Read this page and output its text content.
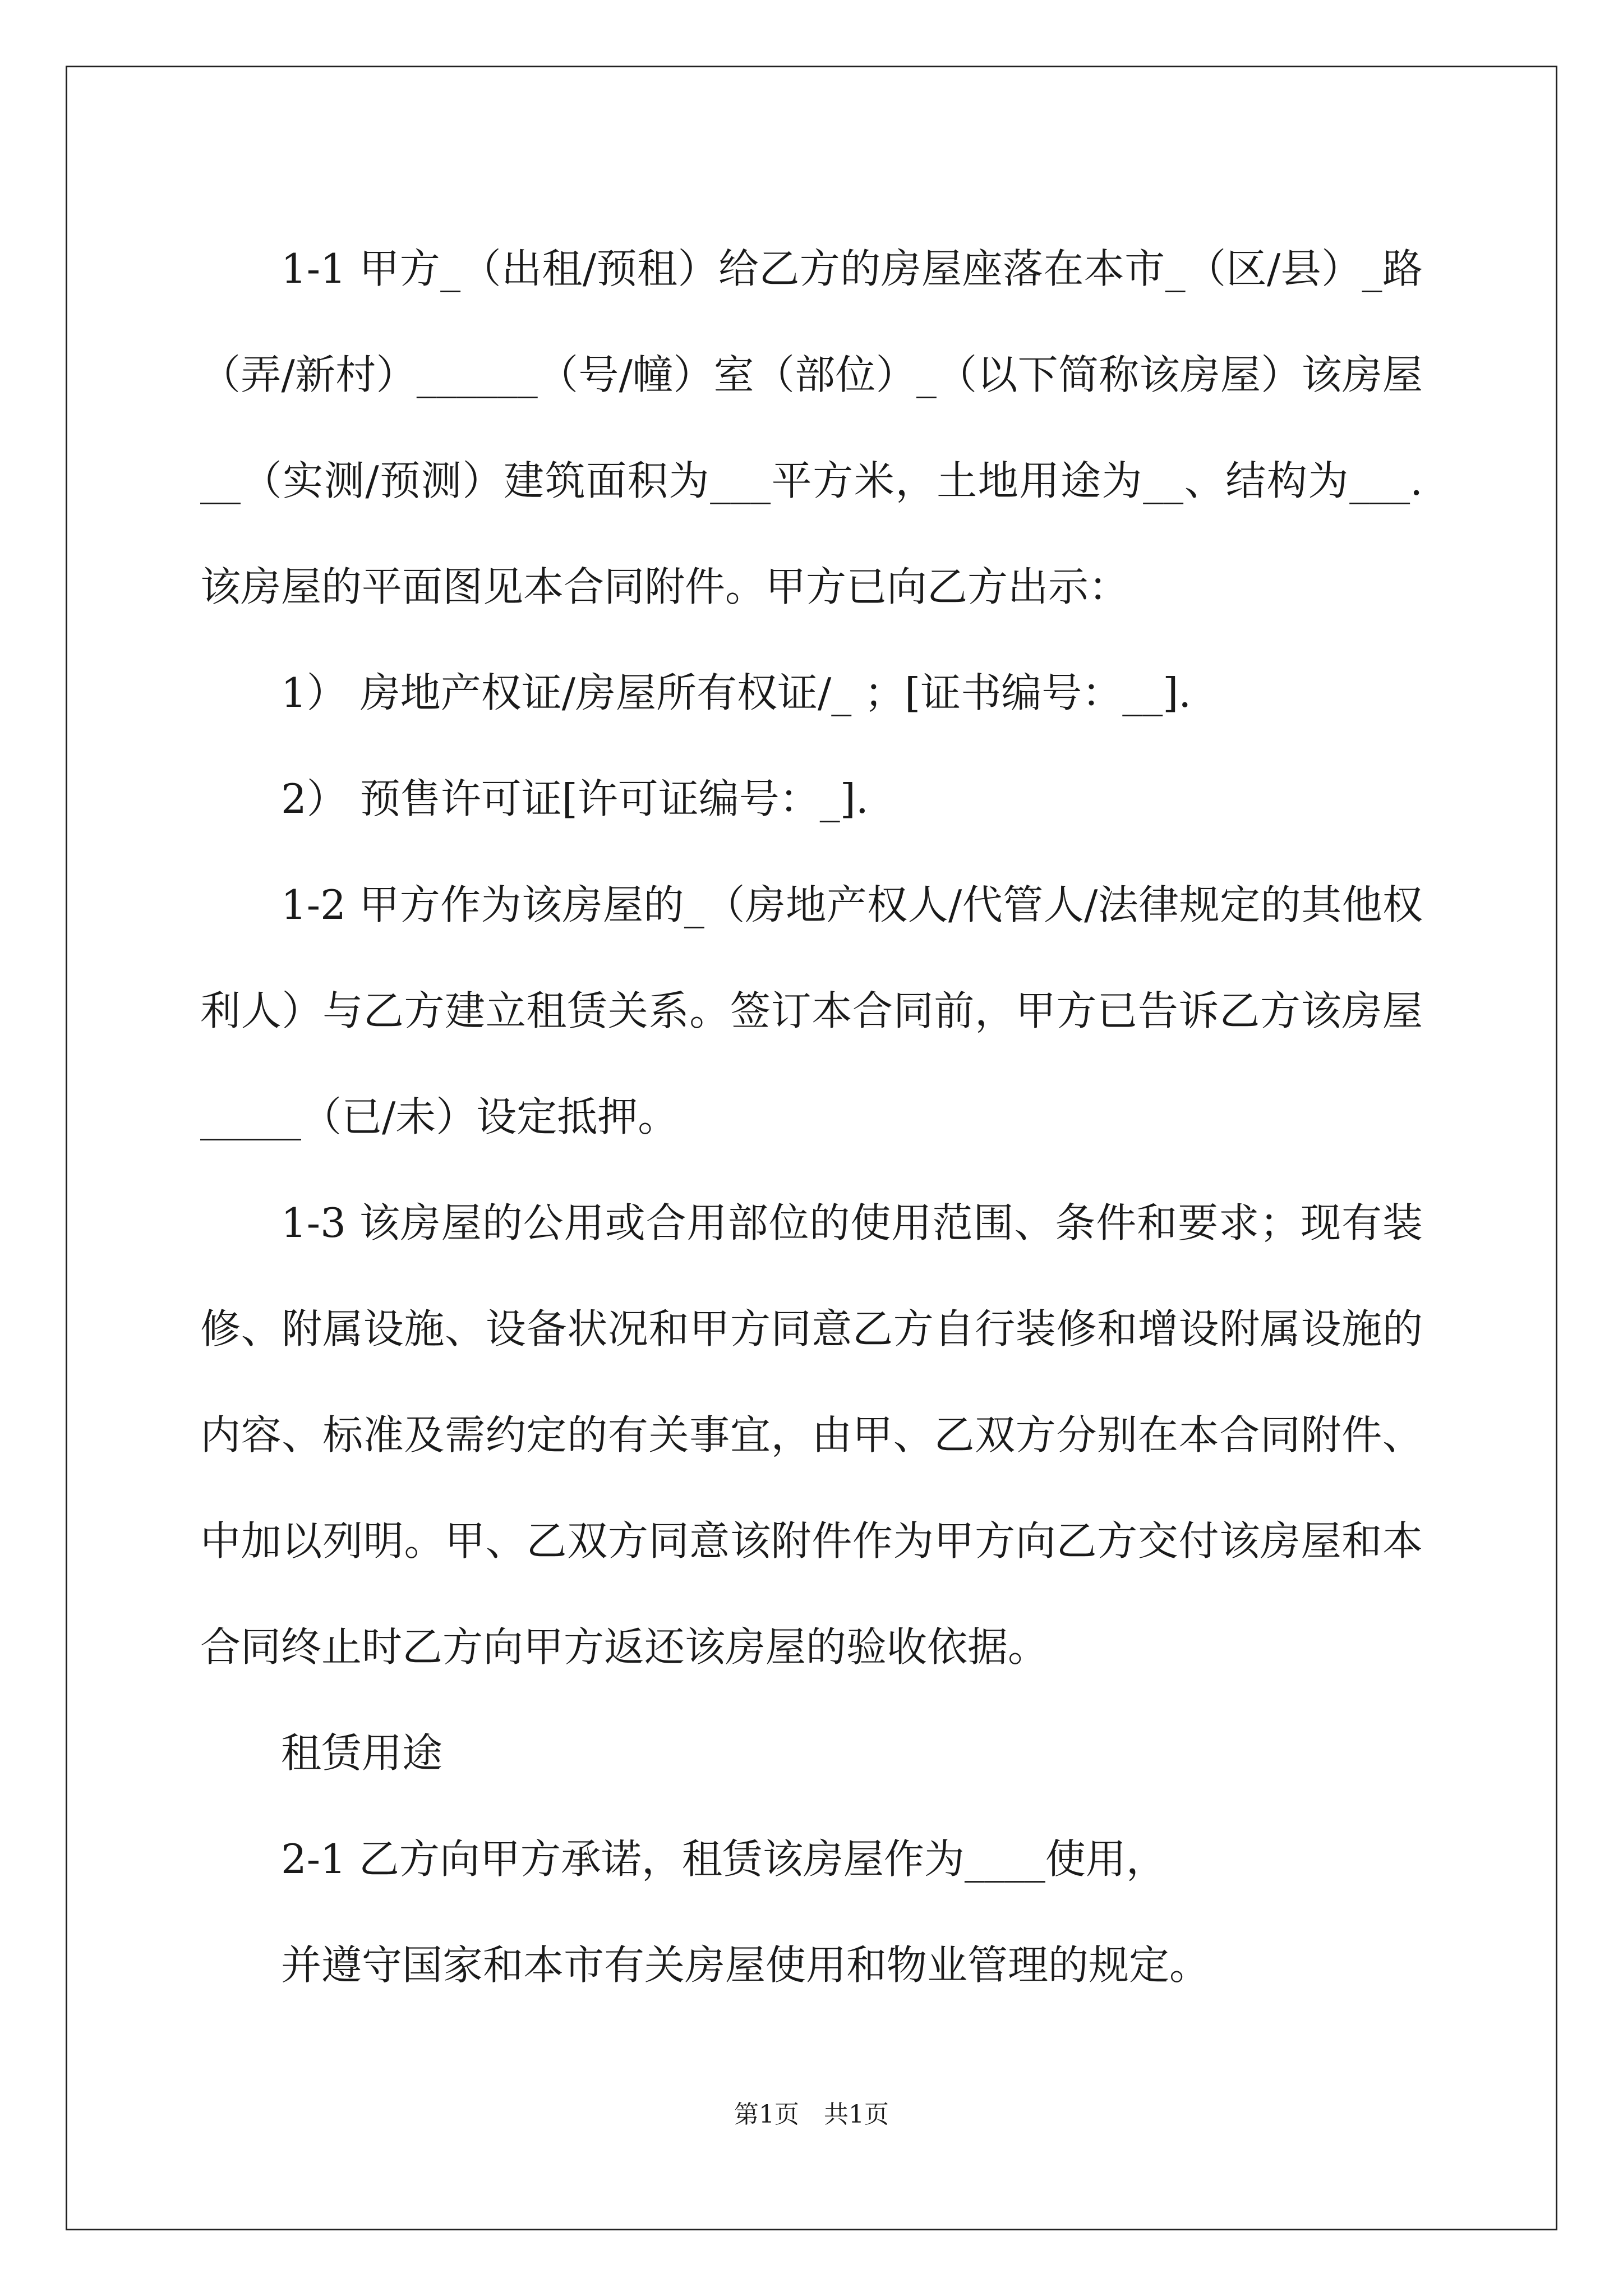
1-1 甲方_（出租/预租）给乙方的房屋座落在本市_（区/县）_路（弄/新村）______（号/幢）室（部位）_（以下简称该房屋）该房屋__（实测/预测）建筑面积为___平方米，土地用途为__、结构为___.该房屋的平面图见本合同附件。甲方已向乙方出示：

1） 房地产权证/房屋所有权证/_ ；[证书编号：__].

2） 预售许可证[许可证编号：_].

1-2 甲方作为该房屋的_（房地产权人/代管人/法律规定的其他权利人）与乙方建立租赁关系。签订本合同前，甲方已告诉乙方该房屋_____（已/未）设定抵押。

1-3 该房屋的公用或合用部位的使用范围、条件和要求；现有装修、附属设施、设备状况和甲方同意乙方自行装修和增设附属设施的内容、标准及需约定的有关事宜，由甲、乙双方分别在本合同附件、中加以列明。甲、乙双方同意该附件作为甲方向乙方交付该房屋和本合同终止时乙方向甲方返还该房屋的验收依据。

租赁用途

2-1 乙方向甲方承诺，租赁该房屋作为____使用，

并遵守国家和本市有关房屋使用和物业管理的规定。

第1页　共1页
